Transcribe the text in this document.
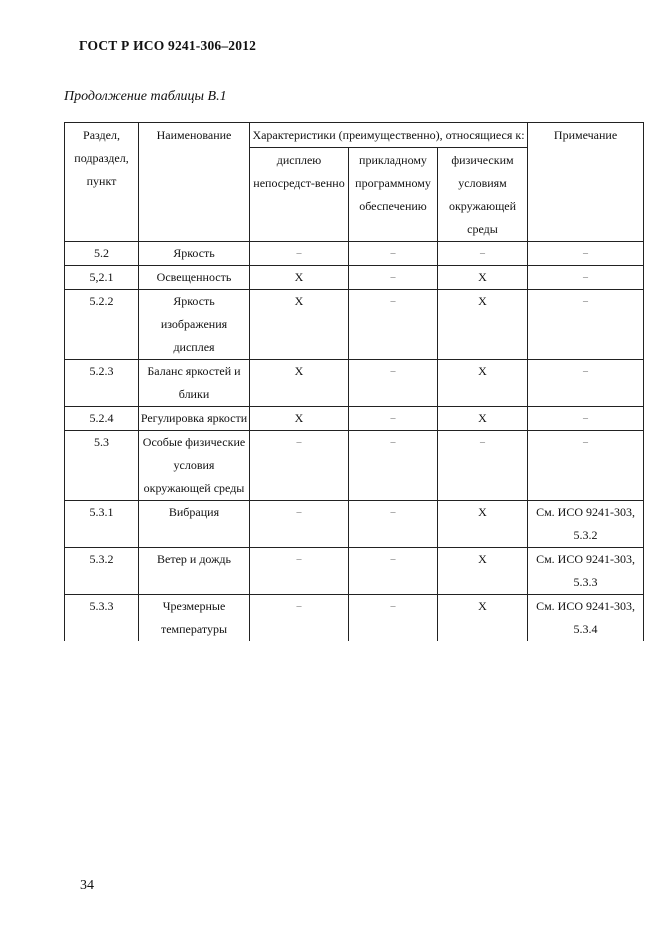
ГОСТ Р ИСО 9241-306–2012
Продолжение таблицы В.1
Раздел, подраздел, пункт	Наименование	Характеристики (преимущественно), относящиеся к:			Примечание
		дисплею непосредст-венно	прикладному программному обеспечению	физическим условиям окружающей среды	
5.2	Яркость	–	–	–	–
5,2.1	Освещенность	X	–	X	–
5.2.2	Яркость изображения дисплея	X	–	X	–
5.2.3	Баланс яркостей и блики	X	–	X	–
5.2.4	Регулировка яркости	X	–	X	–
5.3	Особые физические условия окружающей среды	–	–	–	–
5.3.1	Вибрация	–	–	X	См. ИСО 9241-303, 5.3.2
5.3.2	Ветер и дождь	–	–	X	См. ИСО 9241-303, 5.3.3
5.3.3	Чрезмерные температуры	–	–	X	См. ИСО 9241-303, 5.3.4
34
